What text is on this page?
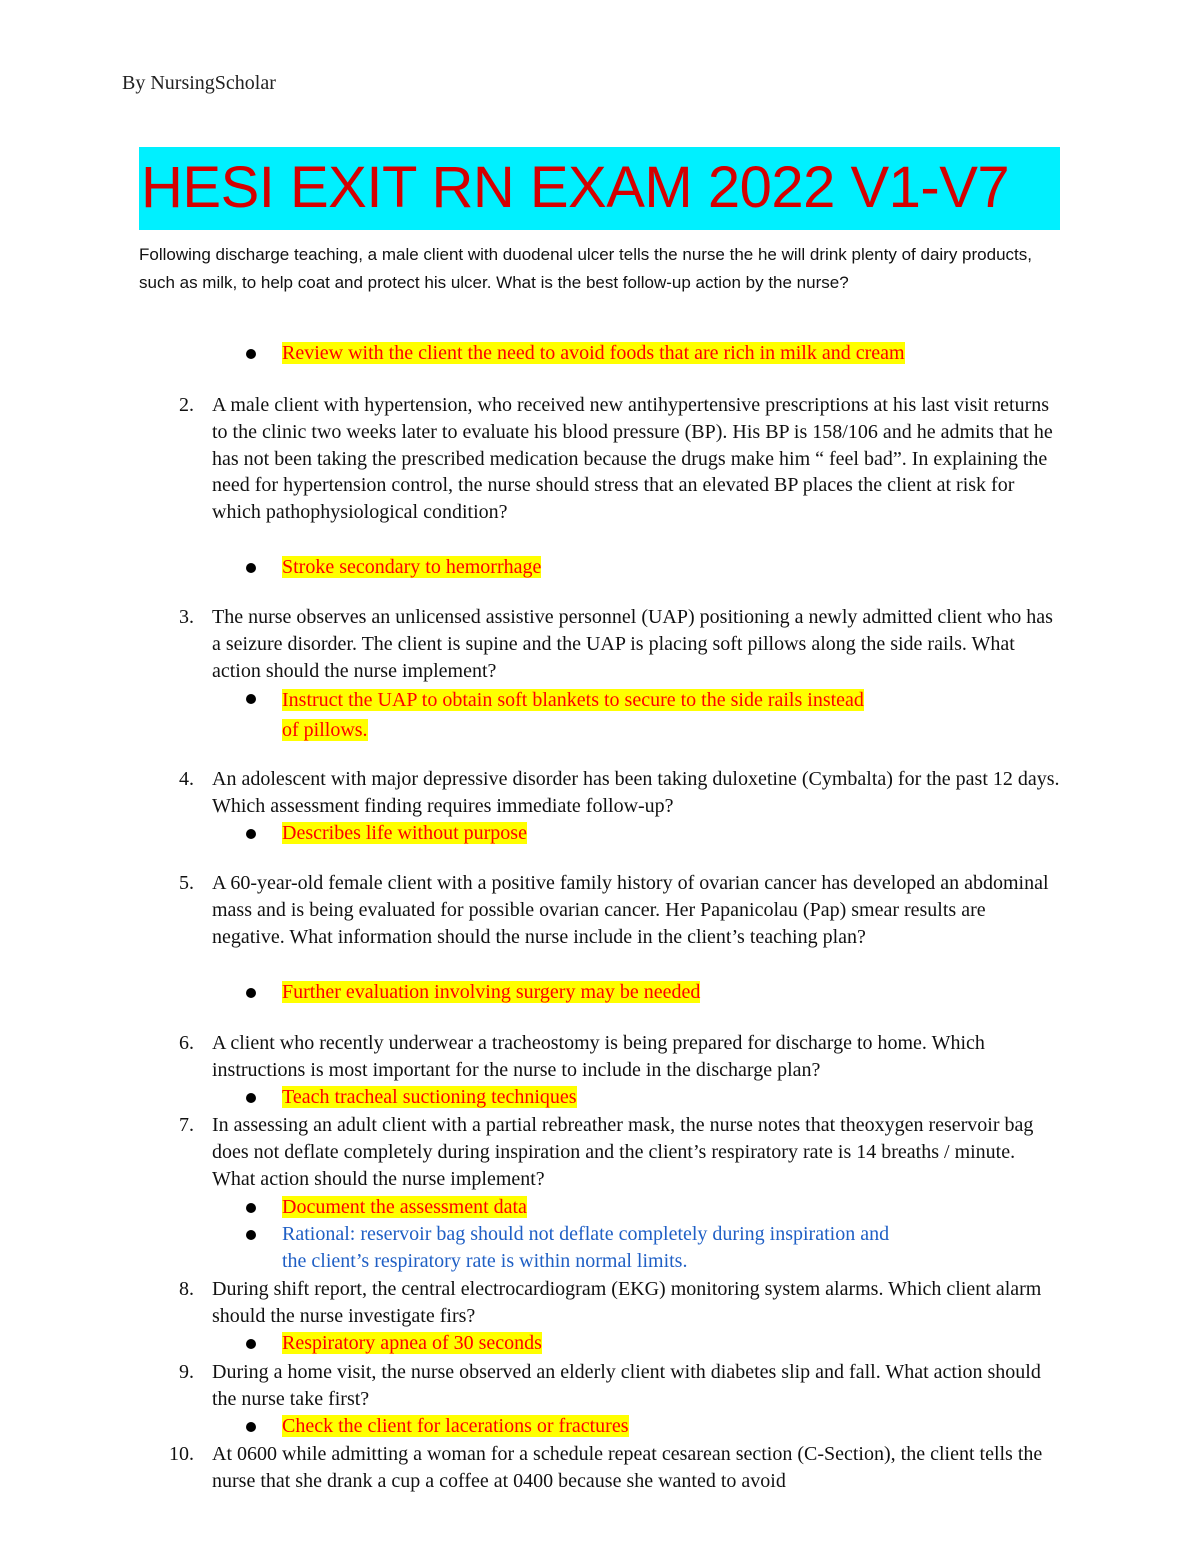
By NursingScholar
HESI EXIT RN EXAM 2022 V1-V7
Following discharge teaching, a male client with duodenal ulcer tells the nurse the he will drink plenty of dairy products, such as milk, to help coat and protect his ulcer. What is the best follow-up action by the nurse?
Review with the client the need to avoid foods that are rich in milk and cream
2. A male client with hypertension, who received new antihypertensive prescriptions at his last visit returns to the clinic two weeks later to evaluate his blood pressure (BP). His BP is 158/106 and he admits that he has not been taking the prescribed medication because the drugs make him “ feel bad”. In explaining the need for hypertension control, the nurse should stress that an elevated BP places the client at risk for which pathophysiological condition?
Stroke secondary to hemorrhage
3. The nurse observes an unlicensed assistive personnel (UAP) positioning a newly admitted client who has a seizure disorder. The client is supine and the UAP is placing soft pillows along the side rails. What action should the nurse implement?
Instruct the UAP to obtain soft blankets to secure to the side rails instead
of pillows.
4. An adolescent with major depressive disorder has been taking duloxetine (Cymbalta) for the past 12 days. Which assessment finding requires immediate follow-up?
Describes life without purpose
5. A 60-year-old female client with a positive family history of ovarian cancer has developed an abdominal mass and is being evaluated for possible ovarian cancer. Her Papanicolau (Pap) smear results are negative. What information should the nurse include in the client’s teaching plan?
Further evaluation involving surgery may be needed
6. A client who recently underwear a tracheostomy is being prepared for discharge to home. Which instructions is most important for the nurse to include in the discharge plan?
Teach tracheal suctioning techniques
7. In assessing an adult client with a partial rebreather mask, the nurse notes that theoxygen reservoir bag does not deflate completely during inspiration and the client’s respiratory rate is 14 breaths / minute. What action should the nurse implement?
Document the assessment data
Rational: reservoir bag should not deflate completely during inspiration and
the client’s respiratory rate is within normal limits.
8. During shift report, the central electrocardiogram (EKG) monitoring system alarms. Which client alarm should the nurse investigate firs?
Respiratory apnea of 30 seconds
9. During a home visit, the nurse observed an elderly client with diabetes slip and fall. What action should the nurse take first?
Check the client for lacerations or fractures
10. At 0600 while admitting a woman for a schedule repeat cesarean section (C-Section), the client tells the nurse that she drank a cup a coffee at 0400 because she wanted to avoid
